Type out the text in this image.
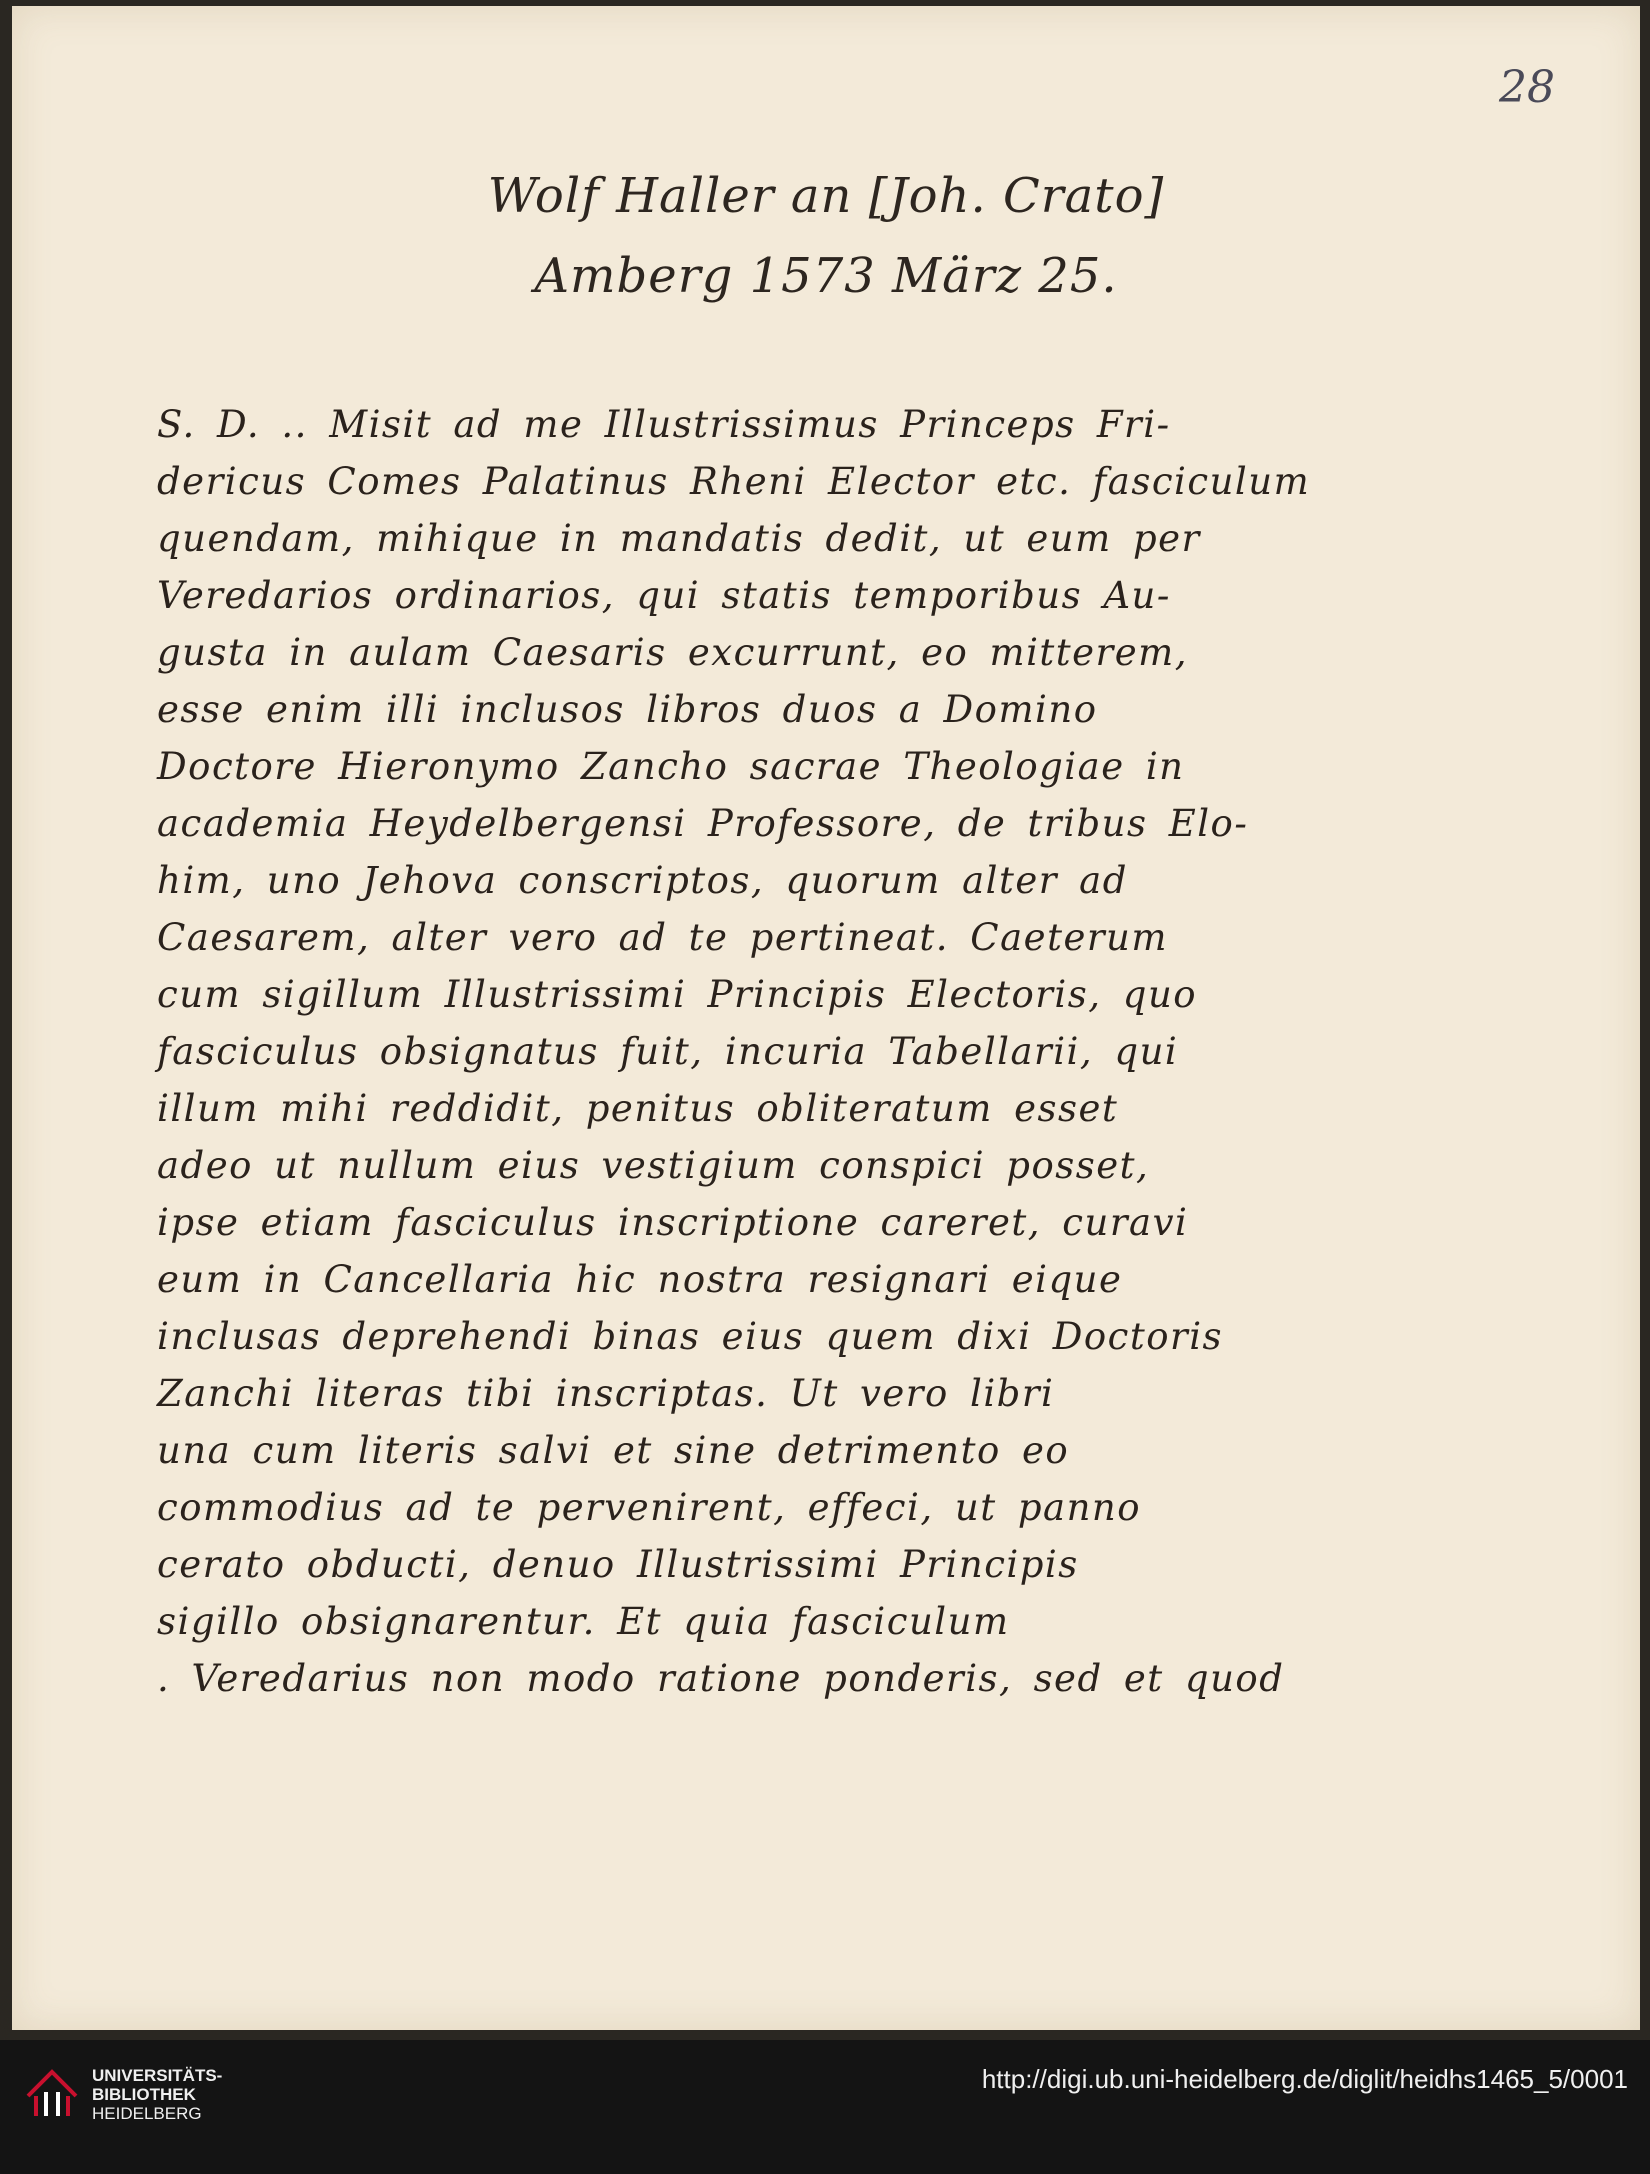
28
Wolf Haller an [Joh. Crato]
Amberg 1573 März 25.
S. D. .. Misit ad me Illustrissimus Princeps Fri-
dericus Comes Palatinus Rheni Elector etc. fasciculum
quendam, mihique in mandatis dedit, ut eum per
Veredarios ordinarios, qui statis temporibus Au-
gusta in aulam Caesaris excurrunt, eo mitterem,
esse enim illi inclusos libros duos a Domino
Doctore Hieronymo Zancho sacrae Theologiae in
academia Heydelbergensi Professore, de tribus Elo-
him, uno Jehova conscriptos, quorum alter ad
Caesarem, alter vero ad te pertineat. Caeterum
cum sigillum Illustrissimi Principis Electoris, quo
fasciculus obsignatus fuit, incuria Tabellarii, qui
illum mihi reddidit, penitus obliteratum esset
adeo ut nullum eius vestigium conspici posset,
ipse etiam fasciculus inscriptione careret, curavi
eum in Cancellaria hic nostra resignari eique
inclusas deprehendi binas eius quem dixi Doctoris
Zanchi literas tibi inscriptas. Ut vero libri
una cum literis salvi et sine detrimento eo
commodius ad te pervenirent, effeci, ut panno
cerato obducti, denuo Illustrissimi Principis
sigillo obsignarentur. Et quia fasciculum
. Veredarius non modo ratione ponderis, sed et quod
UNIVERSITÄTS-
BIBLIOTHEK
HEIDELBERG
http://digi.ub.uni-heidelberg.de/diglit/heidhs1465_5/0001
